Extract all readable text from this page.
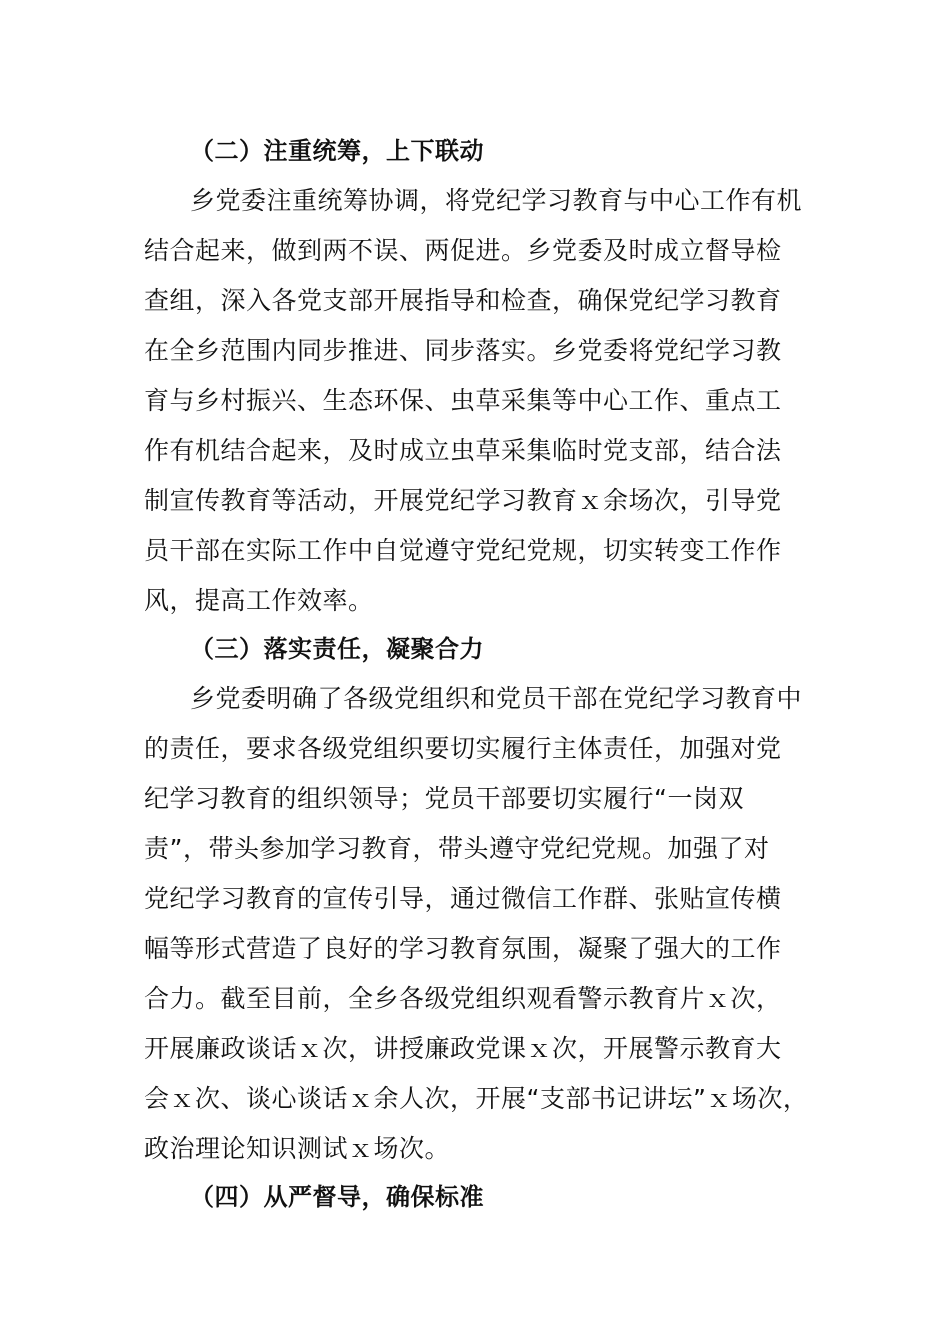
（二）注重统筹，上下联动
乡党委注重统筹协调，将党纪学习教育与中心工作有机
结合起来，做到两不误、两促进。乡党委及时成立督导检
查组，深入各党支部开展指导和检查，确保党纪学习教育
在全乡范围内同步推进、同步落实。乡党委将党纪学习教
育与乡村振兴、生态环保、虫草采集等中心工作、重点工
作有机结合起来，及时成立虫草采集临时党支部，结合法
制宣传教育等活动，开展党纪学习教育ｘ余场次，引导党
员干部在实际工作中自觉遵守党纪党规，切实转变工作作
风，提高工作效率。
（三）落实责任，凝聚合力
乡党委明确了各级党组织和党员干部在党纪学习教育中
的责任，要求各级党组织要切实履行主体责任，加强对党
纪学习教育的组织领导；党员干部要切实履行“一岗双
责”，带头参加学习教育，带头遵守党纪党规。加强了对
党纪学习教育的宣传引导，通过微信工作群、张贴宣传横
幅等形式营造了良好的学习教育氛围，凝聚了强大的工作
合力。截至目前，全乡各级党组织观看警示教育片ｘ次，
开展廉政谈话ｘ次，讲授廉政党课ｘ次，开展警示教育大
会ｘ次、谈心谈话ｘ余人次，开展“支部书记讲坛”ｘ场次，
政治理论知识测试ｘ场次。
（四）从严督导，确保标准
